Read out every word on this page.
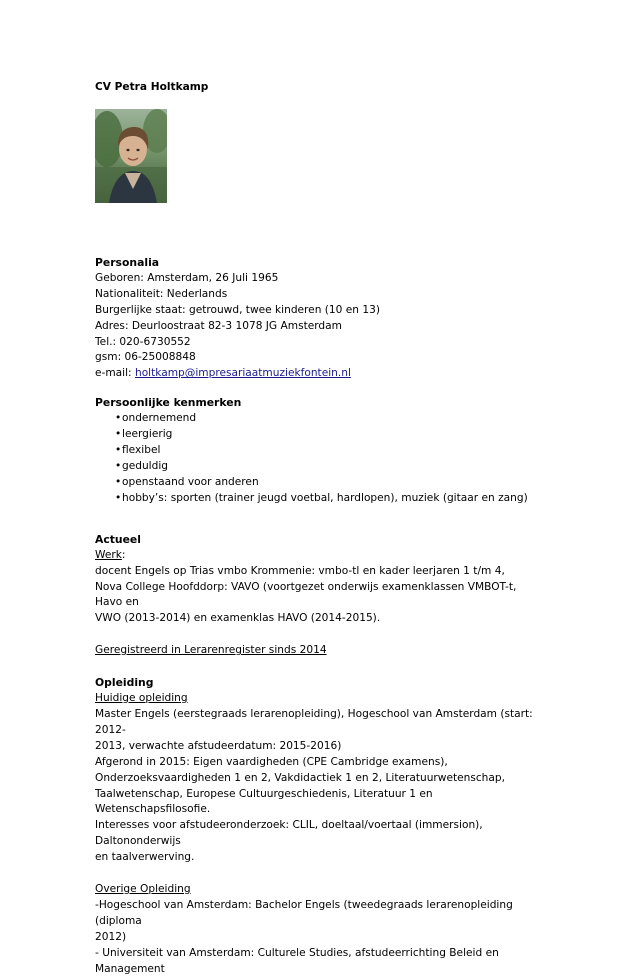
CV Petra Holtkamp
Personalia
Geboren: Amsterdam, 26 Juli 1965
Nationaliteit: Nederlands
Burgerlijke staat: getrouwd, twee kinderen (10 en 13)
Adres: Deurloostraat 82-3 1078 JG Amsterdam
Tel.: 020-6730552
gsm: 06-25008848
e-mail: holtkamp@impresariaatmuziekfontein.nl
Persoonlijke kenmerken
• ondernemend
• leergierig
• flexibel
• geduldig
• openstaand voor anderen
• hobby’s: sporten (trainer jeugd voetbal, hardlopen), muziek (gitaar en zang)
Actueel
Werk:
docent Engels op Trias vmbo Krommenie: vmbo-tl en kader leerjaren 1 t/m 4,
Nova College Hoofddorp: VAVO (voortgezet onderwijs examenklassen VMBOT-t, Havo en
VWO (2013-2014) en examenklas HAVO (2014-2015).
Geregistreerd in Lerarenregister sinds 2014
Opleiding
Huidige opleiding
Master Engels (eerstegraads lerarenopleiding), Hogeschool van Amsterdam (start: 2012-
2013, verwachte afstudeerdatum: 2015-2016)
Afgerond in 2015: Eigen vaardigheden (CPE Cambridge examens),
Onderzoeksvaardigheden 1 en 2, Vakdidactiek 1 en 2, Literatuurwetenschap,
Taalwetenschap, Europese Cultuurgeschiedenis, Literatuur 1 en Wetenschapsfilosofie.
Interesses voor afstudeeronderzoek: CLIL, doeltaal/voertaal (immersion), Daltononderwijs
en taalverwerving.
Overige Opleiding
-Hogeschool van Amsterdam: Bachelor Engels (tweedegraads lerarenopleiding (diploma
2012)
- Universiteit van Amsterdam: Culturele Studies, afstudeerrichting Beleid en Management
